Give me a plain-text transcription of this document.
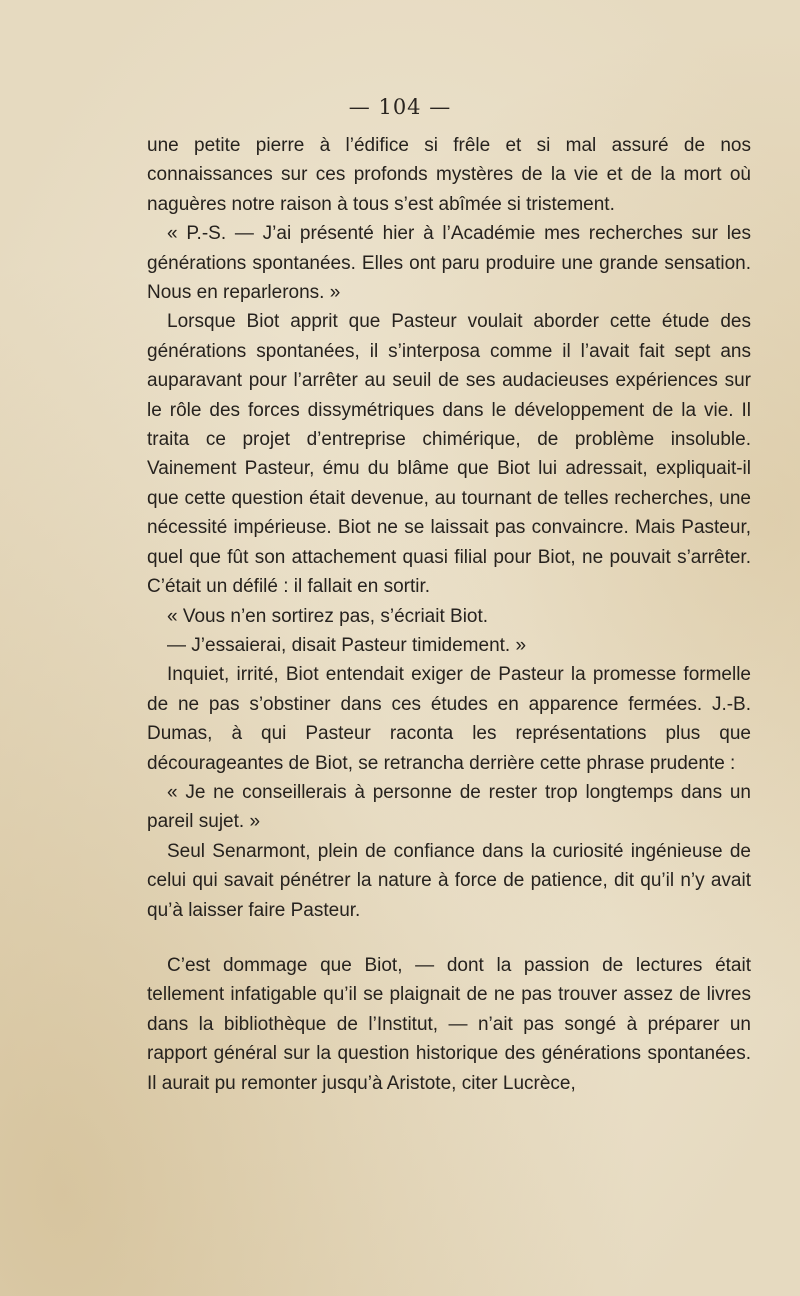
— 104 —

une petite pierre à l’édifice si frêle et si mal assuré de nos connaissances sur ces profonds mystères de la vie et de la mort où naguères notre raison à tous s’est abîmée si tristement.

« P.-S. — J’ai présenté hier à l’Académie mes recherches sur les générations spontanées. Elles ont paru produire une grande sensation. Nous en reparlerons. »

Lorsque Biot apprit que Pasteur voulait aborder cette étude des générations spontanées, il s’interposa comme il l’avait fait sept ans auparavant pour l’arrêter au seuil de ses audacieuses expériences sur le rôle des forces dissymétriques dans le développement de la vie. Il traita ce projet d’entreprise chimérique, de problème insoluble. Vainement Pasteur, ému du blâme que Biot lui adressait, expliquait-il que cette question était devenue, au tournant de telles recherches, une nécessité impérieuse. Biot ne se laissait pas convaincre. Mais Pasteur, quel que fût son attachement quasi filial pour Biot, ne pouvait s’arrêter. C’était un défilé : il fallait en sortir.

« Vous n’en sortirez pas, s’écriait Biot.

— J’essaierai, disait Pasteur timidement. »

Inquiet, irrité, Biot entendait exiger de Pasteur la promesse formelle de ne pas s’obstiner dans ces études en apparence fermées. J.-B. Dumas, à qui Pasteur raconta les représentations plus que décourageantes de Biot, se retrancha derrière cette phrase prudente :

« Je ne conseillerais à personne de rester trop longtemps dans un pareil sujet. »

Seul Senarmont, plein de confiance dans la curiosité ingénieuse de celui qui savait pénétrer la nature à force de patience, dit qu’il n’y avait qu’à laisser faire Pasteur.

C’est dommage que Biot, — dont la passion de lectures était tellement infatigable qu’il se plaignait de ne pas trouver assez de livres dans la bibliothèque de l’Institut, — n’ait pas songé à préparer un rapport général sur la question historique des générations spontanées. Il aurait pu remonter jusqu’à Aristote, citer Lucrèce,
